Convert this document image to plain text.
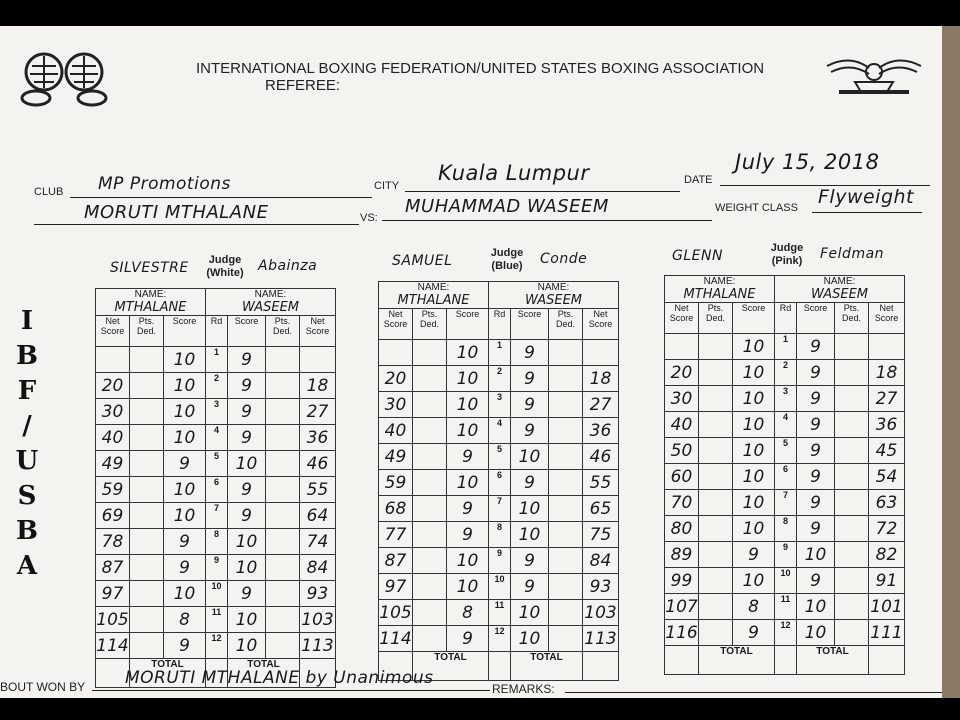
INTERNATIONAL BOXING FEDERATION/UNITED STATES BOXING ASSOCIATION
REFEREE:
CLUB MP Promotions	CITY
Kuala Lumpur	DATE
July 15, 2018
MORUTI MTHALANE	VS:
MUHAMMAD WASEEM	WEIGHT CLASS Flyweight
I
B
F
/
U
S
B
A
SILVESTRE	Judge (White)	Abainza
NAME:
MTHALANE			NAME:
WASEEM			

Net Score	Pts. Ded.	Score	Rd	Score	Pts. Ded.	Net Score
		10	1	9		
20		10	2	9		18
30		10	3	9		27
40		10	4	9		36
49		9	5	10		46
59		10	6	9		55
69		10	7	9		64
78		9	8	10		74
87		9	9	10		84
97		10	10	9		93
105		8	11	10		103
114		9	12	10		113
	TOTAL			TOTAL		
SAMUEL	Judge (Blue)	Conde
NAME:
MTHALANE			NAME:
WASEEM			

Net Score	Pts. Ded.	Score	Rd	Score	Pts. Ded.	Net Score
		10	1	9		
20		10	2	9		18
30		10	3	9		27
40		10	4	9		36
49		9	5	10		46
59		10	6	9		55
68		9	7	10		65
77		9	8	10		75
87		10	9	9		84
97		10	10	9		93
105		8	11	10		103
114		9	12	10		113
	TOTAL			TOTAL		
GLENN	Judge (Pink)	Feldman
NAME:
MTHALANE			NAME:
WASEEM			

Net Score	Pts. Ded.	Score	Rd	Score	Pts. Ded.	Net Score
		10	1	9		
20		10	2	9		18
30		10	3	9		27
40		10	4	9		36
50		10	5	9		45
60		10	6	9		54
70		10	7	9		63
80		10	8	9		72
89		9	9	10		82
99		10	10	9		91
107		8	11	10		101
116		9	12	10		111
	TOTAL			TOTAL		
BOUT WON BY MORUTI MTHALANE by Unanimous
REMARKS:
